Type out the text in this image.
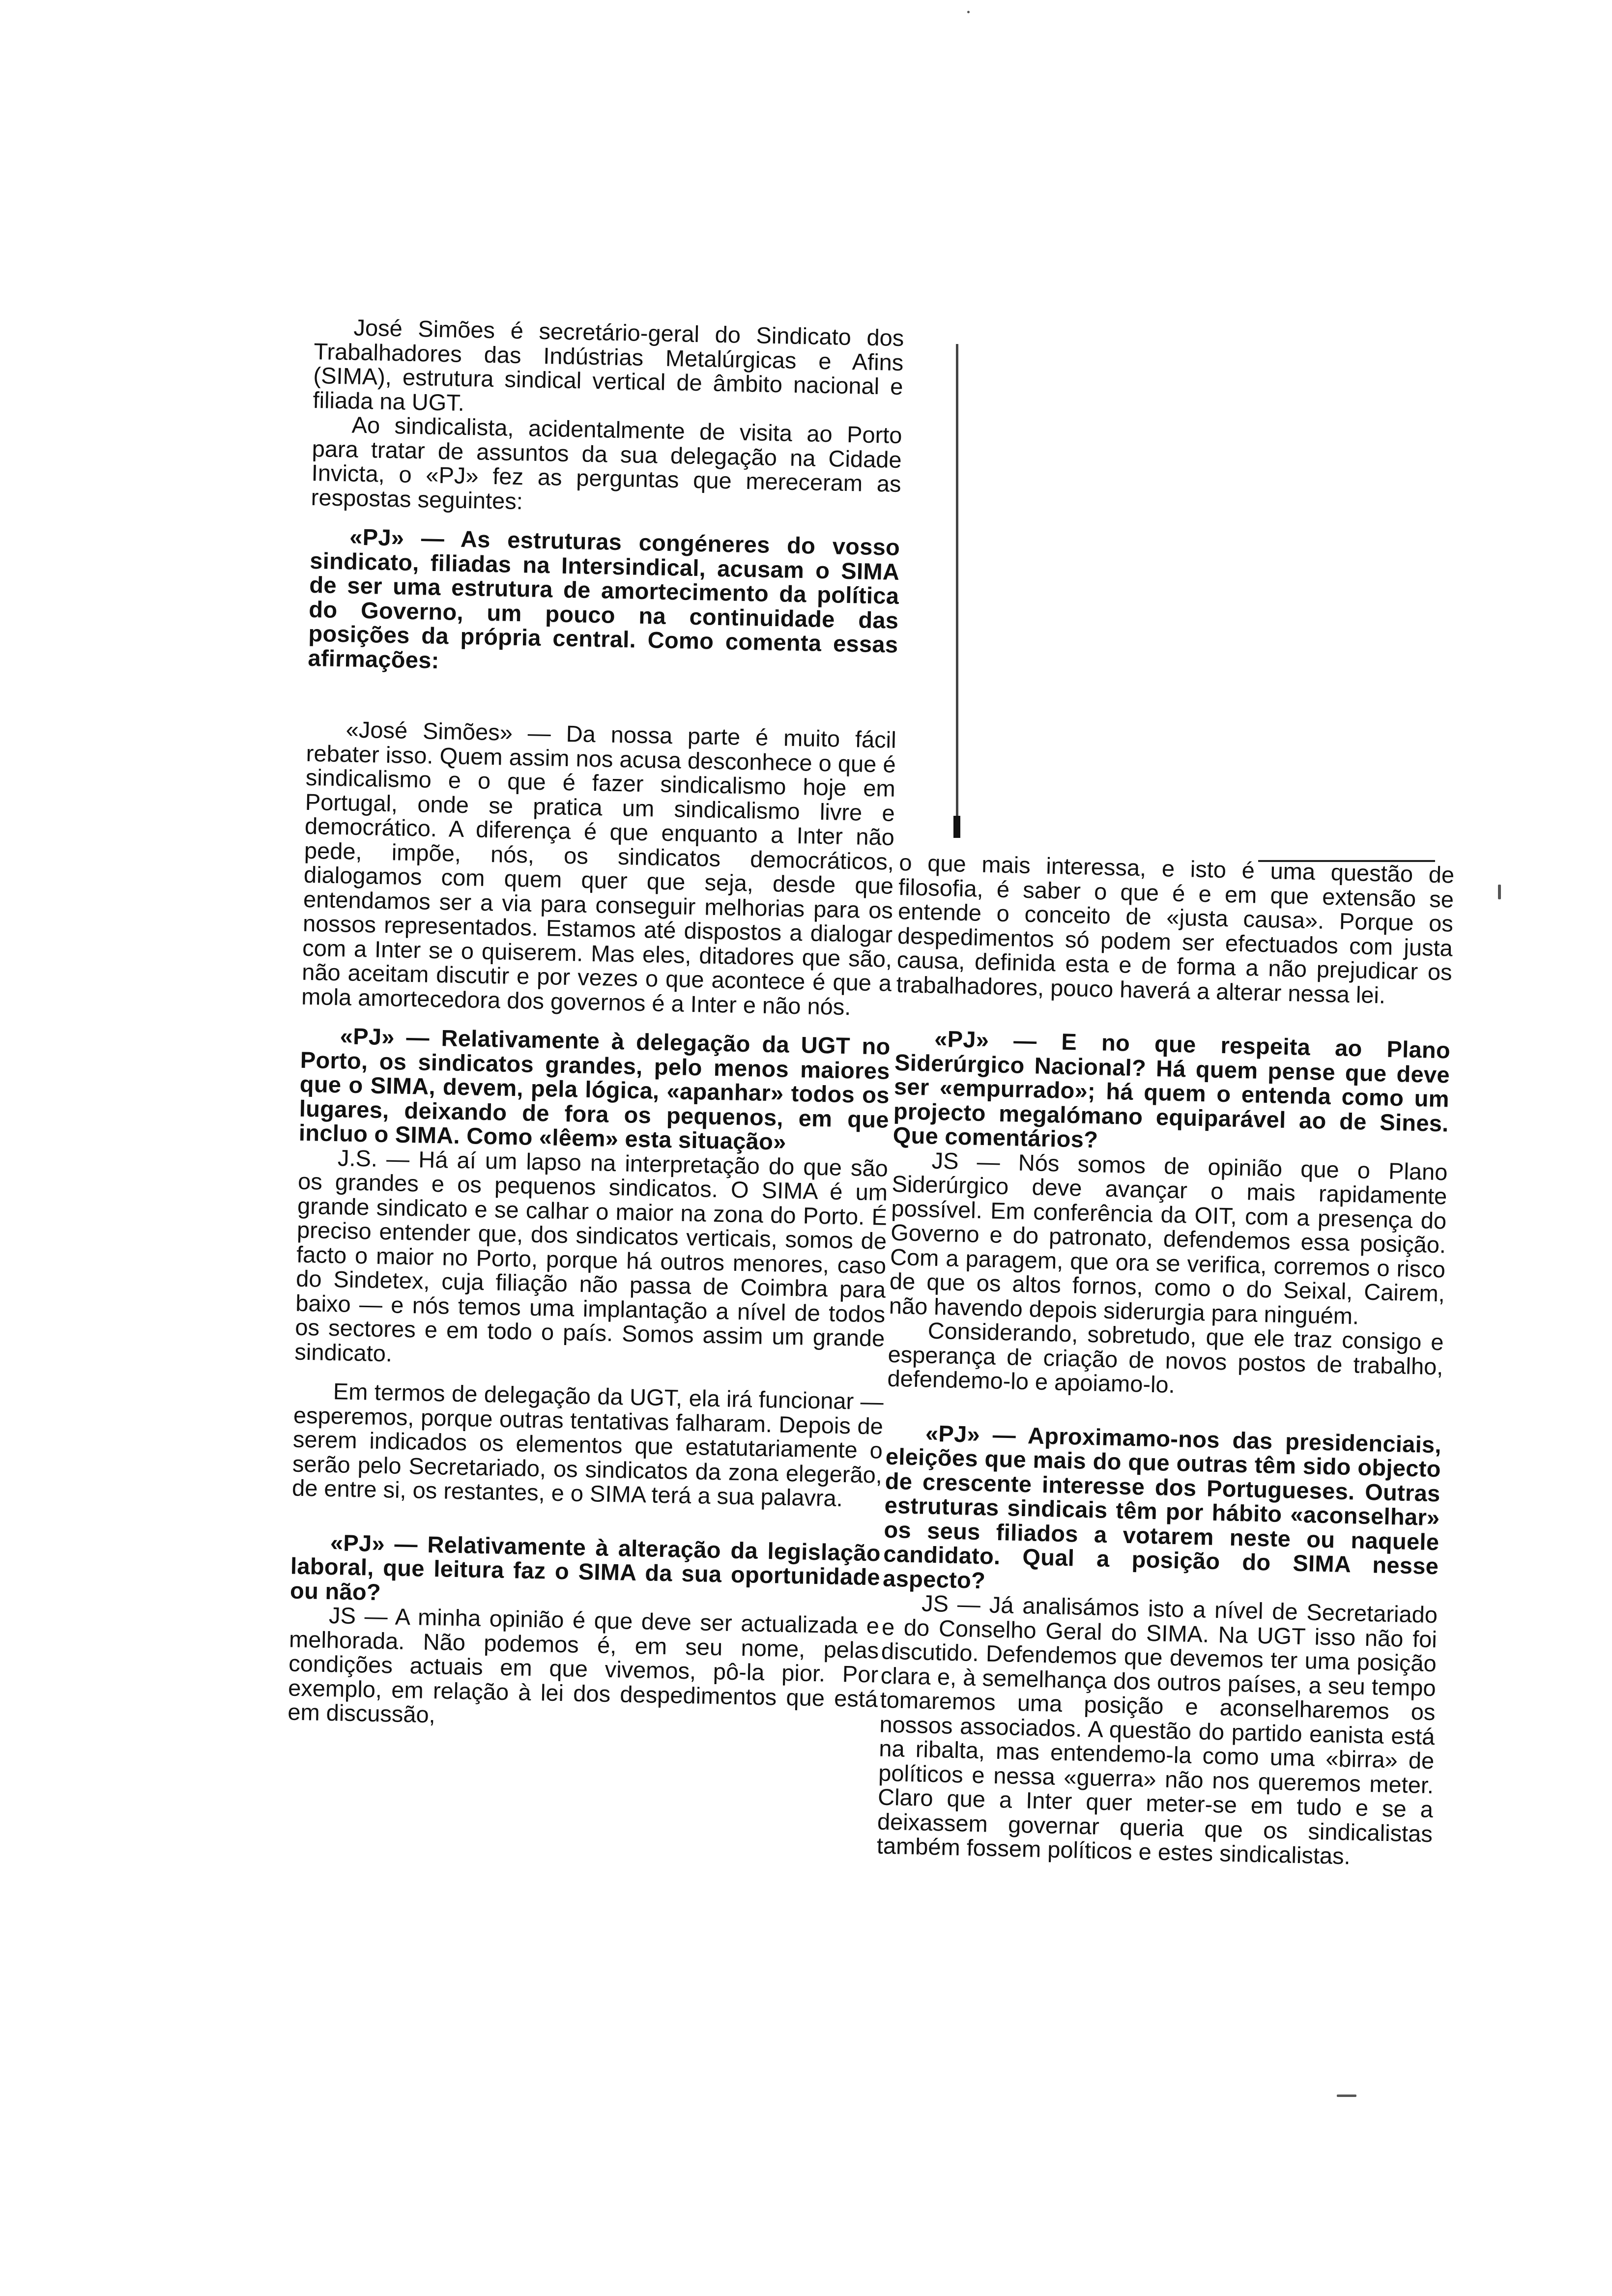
José Simões é secretário-geral do Sindicato dos Trabalhadores das Indústrias Metalúrgicas e Afins (SIMA), estrutura sindical vertical de âmbito nacional e filiada na UGT.

Ao sindicalista, acidentalmente de visita ao Porto para tratar de assuntos da sua delegação na Cidade Invicta, o «PJ» fez as perguntas que mereceram as respostas seguintes:

«PJ» — As estruturas congéneres do vosso sindicato, filiadas na Intersindical, acusam o SIMA de ser uma estrutura de amortecimento da política do Governo, um pouco na continuidade das posições da própria central. Como comenta essas afirmações:

«José Simões» — Da nossa parte é muito fácil rebater isso. Quem assim nos acusa desconhece o que é sindicalismo e o que é fazer sindicalismo hoje em Portugal, onde se pratica um sindicalismo livre e democrático. A diferença é que enquanto a Inter não pede, impõe, nós, os sindicatos democráticos, dialogamos com quem quer que seja, desde que entendamos ser a via para conseguir melhorias para os nossos representados. Estamos até dispostos a dialogar com a Inter se o quiserem. Mas eles, ditadores que são, não aceitam discutir e por vezes o que acontece é que a mola amortecedora dos governos é a Inter e não nós.

«PJ» — Relativamente à delegação da UGT no Porto, os sindicatos grandes, pelo menos maiores que o SIMA, devem, pela lógica, «apanhar» todos os lugares, deixando de fora os pequenos, em que incluo o SIMA. Como «lêem» esta situação»

J.S. — Há aí um lapso na interpretação do que são os grandes e os pequenos sindicatos. O SIMA é um grande sindicato e se calhar o maior na zona do Porto. É preciso entender que, dos sindicatos verticais, somos de facto o maior no Porto, porque há outros menores, caso do Sindetex, cuja filiação não passa de Coimbra para baixo — e nós temos uma implantação a nível de todos os sectores e em todo o país. Somos assim um grande sindicato.

Em termos de delegação da UGT, ela irá funcionar — esperemos, porque outras tentativas falharam. Depois de serem indicados os elementos que estatutariamente o serão pelo Secretariado, os sindicatos da zona elegerão, de entre si, os restantes, e o SIMA terá a sua palavra.

«PJ» — Relativamente à alteração da legislação laboral, que leitura faz o SIMA da sua oportunidade ou não?

JS — A minha opinião é que deve ser actualizada e melhorada. Não podemos é, em seu nome, pelas condições actuais em que vivemos, pô-la pior. Por exemplo, em relação à lei dos despedimentos que está em discussão,

o que mais interessa, e isto é uma questão de filosofia, é saber o que é e em que extensão se entende o conceito de «justa causa». Porque os despedimentos só podem ser efectuados com justa causa, definida esta e de forma a não prejudicar os trabalhadores, pouco haverá a alterar nessa lei.

«PJ» — E no que respeita ao Plano Siderúrgico Nacional? Há quem pense que deve ser «empurrado»; há quem o entenda como um projecto megalómano equiparável ao de Sines. Que comentários?

JS — Nós somos de opinião que o Plano Siderúrgico deve avançar o mais rapidamente possível. Em conferência da OIT, com a presença do Governo e do patronato, defendemos essa posição. Com a paragem, que ora se verifica, corremos o risco de que os altos fornos, como o do Seixal, Cairem, não havendo depois siderurgia para ninguém.

Considerando, sobretudo, que ele traz consigo e esperança de criação de novos postos de trabalho, defendemo-lo e apoiamo-lo.

«PJ» — Aproximamo-nos das presidenciais, eleições que mais do que outras têm sido objecto de crescente interesse dos Portugueses. Outras estruturas sindicais têm por hábito «aconselhar» os seus filiados a votarem neste ou naquele candidato. Qual a posição do SIMA nesse aspecto?

JS — Já analisámos isto a nível de Secretariado e do Conselho Geral do SIMA. Na UGT isso não foi discutido. Defendemos que devemos ter uma posição clara e, à semelhança dos outros países, a seu tempo tomaremos uma posição e aconselharemos os nossos associados. A questão do partido eanista está na ribalta, mas entendemo-la como uma «birra» de políticos e nessa «guerra» não nos queremos meter. Claro que a Inter quer meter-se em tudo e se a deixassem governar queria que os sindicalistas também fossem políticos e estes sindicalistas.
